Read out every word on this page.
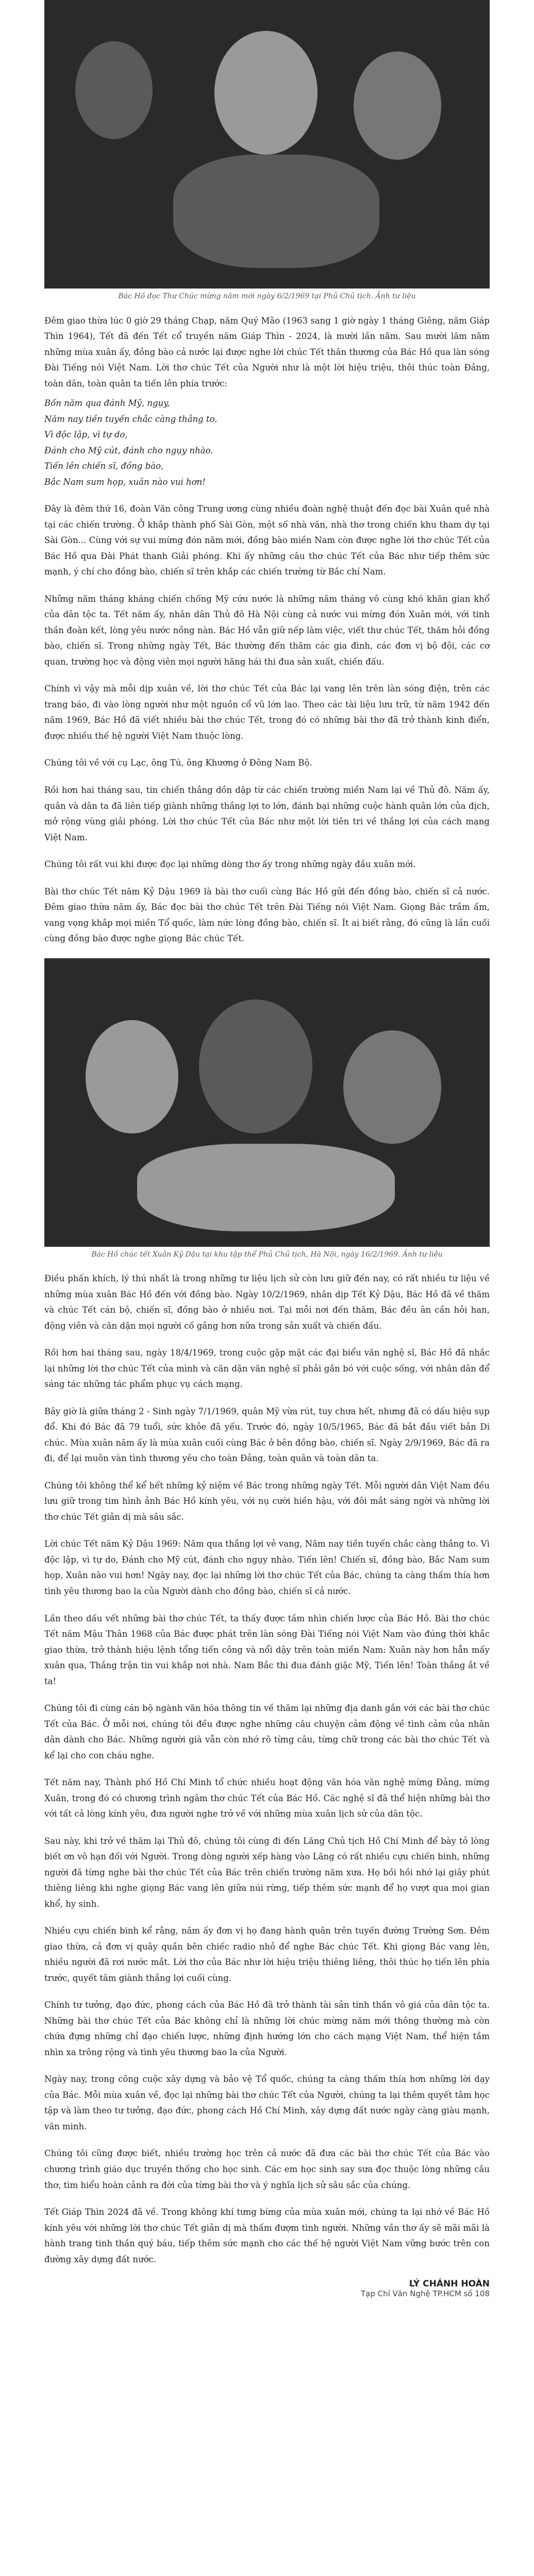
Bác Hồ đọc Thư Chúc mừng năm mới ngày 6/2/1969 tại Phủ Chủ tịch. Ảnh tư liệu

Đêm giao thừa lúc 0 giờ 29 tháng Chạp, năm Quý Mão (1963 sang 1 giờ ngày 1 tháng Giêng, năm Giáp Thìn 1964), Tết đã đến Tết cổ truyền năm Giáp Thìn - 2024, là mười lần năm. Sau mười lăm năm những mùa xuân ấy, đồng bào cả nước lại được nghe lời chúc Tết thân thương của Bác Hồ qua làn sóng Đài Tiếng nói Việt Nam. Lời thơ chúc Tết của Người như là một lời hiệu triệu, thôi thúc toàn Đảng, toàn dân, toàn quân ta tiến lên phía trước:

Bốn năm qua đánh Mỹ, ngụy,
Năm nay tiền tuyến chắc càng thắng to.
Vì độc lập, vì tự do,
Đánh cho Mỹ cút, đánh cho ngụy nhào.
Tiến lên chiến sĩ, đồng bào,
Bắc Nam sum họp, xuân nào vui hơn!

Đây là đêm thứ 16, đoàn Văn công Trung ương cùng nhiều đoàn nghệ thuật đến đọc bài Xuân quê nhà tại các chiến trường. Ở khắp thành phố Sài Gòn, một số nhà văn, nhà thơ trong chiến khu tham dự tại Sài Gòn... Cùng với sự vui mừng đón năm mới, đồng bào miền Nam còn được nghe lời thơ chúc Tết của Bác Hồ qua Đài Phát thanh Giải phóng. Khi ấy những câu thơ chúc Tết của Bác như tiếp thêm sức mạnh, ý chí cho đồng bào, chiến sĩ trên khắp các chiến trường từ Bắc chí Nam.

Những năm tháng kháng chiến chống Mỹ cứu nước là những năm tháng vô cùng khó khăn gian khổ của dân tộc ta. Tết năm ấy, nhân dân Thủ đô Hà Nội cùng cả nước vui mừng đón Xuân mới, với tinh thần đoàn kết, lòng yêu nước nồng nàn. Bác Hồ vẫn giữ nếp làm việc, viết thư chúc Tết, thăm hỏi đồng bào, chiến sĩ. Trong những ngày Tết, Bác thường đến thăm các gia đình, các đơn vị bộ đội, các cơ quan, trường học và động viên mọi người hăng hái thi đua sản xuất, chiến đấu.

Chính vì vậy mà mỗi dịp xuân về, lời thơ chúc Tết của Bác lại vang lên trên làn sóng điện, trên các trang báo, đi vào lòng người như một nguồn cổ vũ lớn lao. Theo các tài liệu lưu trữ, từ năm 1942 đến năm 1969, Bác Hồ đã viết nhiều bài thơ chúc Tết, trong đó có những bài thơ đã trở thành kinh điển, được nhiều thế hệ người Việt Nam thuộc lòng.

Chúng tôi về với cụ Lạc, ông Tú, ông Khương ở Đông Nam Bộ.

Rồi hơn hai tháng sau, tin chiến thắng dồn dập từ các chiến trường miền Nam lại về Thủ đô. Năm ấy, quân và dân ta đã liên tiếp giành những thắng lợi to lớn, đánh bại những cuộc hành quân lớn của địch, mở rộng vùng giải phóng. Lời thơ chúc Tết của Bác như một lời tiên tri về thắng lợi của cách mạng Việt Nam.

Chúng tôi rất vui khi được đọc lại những dòng thơ ấy trong những ngày đầu xuân mới.

Bài thơ chúc Tết năm Kỷ Dậu 1969 là bài thơ cuối cùng Bác Hồ gửi đến đồng bào, chiến sĩ cả nước. Đêm giao thừa năm ấy, Bác đọc bài thơ chúc Tết trên Đài Tiếng nói Việt Nam. Giọng Bác trầm ấm, vang vọng khắp mọi miền Tổ quốc, làm nức lòng đồng bào, chiến sĩ. Ít ai biết rằng, đó cũng là lần cuối cùng đồng bào được nghe giọng Bác chúc Tết.

Bác Hồ chúc tết Xuân Kỷ Dậu tại khu tập thể Phủ Chủ tịch, Hà Nội, ngày 16/2/1969. Ảnh tư liệu

Điều phấn khích, lý thú nhất là trong những tư liệu lịch sử còn lưu giữ đến nay, có rất nhiều tư liệu về những mùa xuân Bác Hồ đến với đồng bào. Ngày 10/2/1969, nhân dịp Tết Kỷ Dậu, Bác Hồ đã về thăm và chúc Tết cán bộ, chiến sĩ, đồng bào ở nhiều nơi. Tại mỗi nơi đến thăm, Bác đều ân cần hỏi han, động viên và căn dặn mọi người cố gắng hơn nữa trong sản xuất và chiến đấu.

Rồi hơn hai tháng sau, ngày 18/4/1969, trong cuộc gặp mặt các đại biểu văn nghệ sĩ, Bác Hồ đã nhắc lại những lời thơ chúc Tết của mình và căn dặn văn nghệ sĩ phải gắn bó với cuộc sống, với nhân dân để sáng tác những tác phẩm phục vụ cách mạng.

Bây giờ là giữa tháng 2 - Sinh ngày 7/1/1969, quân Mỹ vừa rút, tuy chưa hết, nhưng đã có dấu hiệu sụp đổ. Khi đó Bác đã 79 tuổi, sức khỏe đã yếu. Trước đó, ngày 10/5/1965, Bác đã bắt đầu viết bản Di chúc. Mùa xuân năm ấy là mùa xuân cuối cùng Bác ở bên đồng bào, chiến sĩ. Ngày 2/9/1969, Bác đã ra đi, để lại muôn vàn tình thương yêu cho toàn Đảng, toàn quân và toàn dân ta.

Chúng tôi không thể kể hết những kỷ niệm về Bác trong những ngày Tết. Mỗi người dân Việt Nam đều lưu giữ trong tim hình ảnh Bác Hồ kính yêu, với nụ cười hiền hậu, với đôi mắt sáng ngời và những lời thơ chúc Tết giản dị mà sâu sắc.

Lời chúc Tết năm Kỷ Dậu 1969: Năm qua thắng lợi vẻ vang, Năm nay tiền tuyến chắc càng thắng to. Vì độc lập, vì tự do, Đánh cho Mỹ cút, đánh cho ngụy nhào. Tiến lên! Chiến sĩ, đồng bào, Bắc Nam sum họp, Xuân nào vui hơn! Ngày nay, đọc lại những lời thơ chúc Tết của Bác, chúng ta càng thấm thía hơn tình yêu thương bao la của Người dành cho đồng bào, chiến sĩ cả nước.

Lần theo dấu vết những bài thơ chúc Tết, ta thấy được tầm nhìn chiến lược của Bác Hồ. Bài thơ chúc Tết năm Mậu Thân 1968 của Bác được phát trên làn sóng Đài Tiếng nói Việt Nam vào đúng thời khắc giao thừa, trở thành hiệu lệnh tổng tiến công và nổi dậy trên toàn miền Nam: Xuân này hơn hẳn mấy xuân qua, Thắng trận tin vui khắp nơi nhà. Nam Bắc thi đua đánh giặc Mỹ, Tiến lên! Toàn thắng ắt về ta!

Chúng tôi đi cùng cán bộ ngành văn hóa thông tin về thăm lại những địa danh gắn với các bài thơ chúc Tết của Bác. Ở mỗi nơi, chúng tôi đều được nghe những câu chuyện cảm động về tình cảm của nhân dân dành cho Bác. Những người già vẫn còn nhớ rõ từng câu, từng chữ trong các bài thơ chúc Tết và kể lại cho con cháu nghe.

Tết năm nay, Thành phố Hồ Chí Minh tổ chức nhiều hoạt động văn hóa văn nghệ mừng Đảng, mừng Xuân, trong đó có chương trình ngâm thơ chúc Tết của Bác Hồ. Các nghệ sĩ đã thể hiện những bài thơ với tất cả lòng kính yêu, đưa người nghe trở về với những mùa xuân lịch sử của dân tộc.

Sau này, khi trở về thăm lại Thủ đô, chúng tôi cùng đi đến Lăng Chủ tịch Hồ Chí Minh để bày tỏ lòng biết ơn vô hạn đối với Người. Trong dòng người xếp hàng vào Lăng có rất nhiều cựu chiến binh, những người đã từng nghe bài thơ chúc Tết của Bác trên chiến trường năm xưa. Họ bồi hồi nhớ lại giây phút thiêng liêng khi nghe giọng Bác vang lên giữa núi rừng, tiếp thêm sức mạnh để họ vượt qua mọi gian khổ, hy sinh.

Nhiều cựu chiến binh kể rằng, năm ấy đơn vị họ đang hành quân trên tuyến đường Trường Sơn. Đêm giao thừa, cả đơn vị quây quần bên chiếc radio nhỏ để nghe Bác chúc Tết. Khi giọng Bác vang lên, nhiều người đã rơi nước mắt. Lời thơ của Bác như lời hiệu triệu thiêng liêng, thôi thúc họ tiến lên phía trước, quyết tâm giành thắng lợi cuối cùng.

Chính tư tưởng, đạo đức, phong cách của Bác Hồ đã trở thành tài sản tinh thần vô giá của dân tộc ta. Những bài thơ chúc Tết của Bác không chỉ là những lời chúc mừng năm mới thông thường mà còn chứa đựng những chỉ đạo chiến lược, những định hướng lớn cho cách mạng Việt Nam, thể hiện tầm nhìn xa trông rộng và tình yêu thương bao la của Người.

Ngày nay, trong công cuộc xây dựng và bảo vệ Tổ quốc, chúng ta càng thấm thía hơn những lời dạy của Bác. Mỗi mùa xuân về, đọc lại những bài thơ chúc Tết của Người, chúng ta lại thêm quyết tâm học tập và làm theo tư tưởng, đạo đức, phong cách Hồ Chí Minh, xây dựng đất nước ngày càng giàu mạnh, văn minh.

Chúng tôi cũng được biết, nhiều trường học trên cả nước đã đưa các bài thơ chúc Tết của Bác vào chương trình giáo dục truyền thống cho học sinh. Các em học sinh say sưa đọc thuộc lòng những câu thơ, tìm hiểu hoàn cảnh ra đời của từng bài thơ và ý nghĩa lịch sử sâu sắc của chúng.

Tết Giáp Thìn 2024 đã về. Trong không khí tưng bừng của mùa xuân mới, chúng ta lại nhớ về Bác Hồ kính yêu với những lời thơ chúc Tết giản dị mà thấm đượm tình người. Những vần thơ ấy sẽ mãi mãi là hành trang tinh thần quý báu, tiếp thêm sức mạnh cho các thế hệ người Việt Nam vững bước trên con đường xây dựng đất nước.

LÝ CHÁNH HOÀN
Tạp Chí Văn Nghệ TP.HCM số 108
